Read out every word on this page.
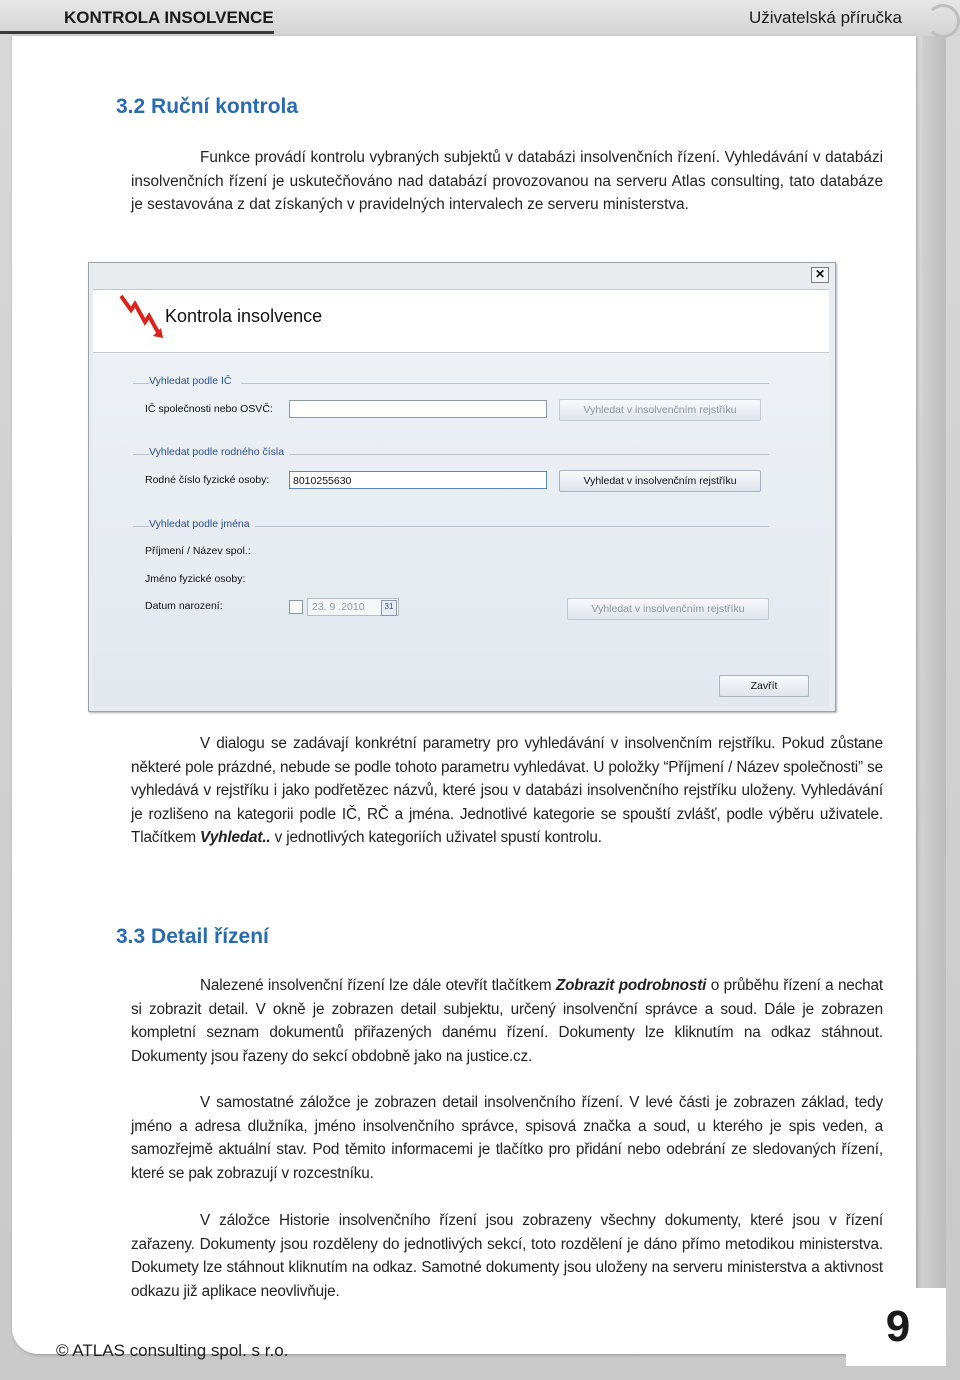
KONTROLA INSOLVENCE	Uživatelská příručka
3.2 Ruční kontrola
Funkce provádí kontrolu vybraných subjektů v databázi insolvenčních řízení. Vyhledávání v databázi insolvenčních řízení je uskutečňováno nad databází provozovanou na serveru Atlas consulting, tato databáze je sestavována z dat získaných v pravidelných intervalech ze serveru ministerstva.
✕
Kontrola insolvence
Vyhledat podle IČ
IČ společnosti nebo OSVČ:	Vyhledat v insolvenčním rejstříku
Vyhledat podle rodného čísla
Rodné číslo fyzické osoby:	8010255630	Vyhledat v insolvenčním rejstříku
Vyhledat podle jména
Příjmení / Název spol.:
Jméno fyzické osoby:
Datum narození:	23. 9 .2010	31	Vyhledat v insolvenčním rejstříku
Zavřít
V dialogu se zadávají konkrétní parametry pro vyhledávání v insolvenčním rejstříku. Pokud zůstane některé pole prázdné, nebude se podle tohoto parametru vyhledávat. U položky “Příjmení / Název společnosti” se vyhledává v rejstříku i jako podřetězec názvů, které jsou v databázi insolvenčního rejstříku uloženy. Vyhledávání je rozlišeno na kategorii podle IČ, RČ a jména. Jednotlivé kategorie se spouští zvlášť, podle výběru uživatele. Tlačítkem Vyhledat.. v jednotlivých kategoriích uživatel spustí kontrolu.
3.3 Detail řízení
Nalezené insolvenční řízení lze dále otevřít tlačítkem Zobrazit podrobnosti o průběhu řízení a nechat si zobrazit detail. V okně je zobrazen detail subjektu, určený insolvenční správce a soud. Dále je zobrazen kompletní seznam dokumentů přiřazených danému řízení. Dokumenty lze kliknutím na odkaz stáhnout. Dokumenty jsou řazeny do sekcí obdobně jako na justice.cz.
V samostatné záložce je zobrazen detail insolvenčního řízení. V levé části je zobrazen základ, tedy jméno a adresa dlužníka, jméno insolvenčního správce, spisová značka a soud, u kterého je spis veden, a samozřejmě aktuální stav. Pod těmito informacemi je tlačítko pro přidání nebo odebrání ze sledovaných řízení, které se pak zobrazují v rozcestníku.
V záložce Historie insolvenčního řízení jsou zobrazeny všechny dokumenty, které jsou v řízení zařazeny. Dokumenty jsou rozděleny do jednotlivých sekcí, toto rozdělení je dáno přímo metodikou ministerstva. Dokumety lze stáhnout kliknutím na odkaz. Samotné dokumenty jsou uloženy na serveru ministerstva a aktivnost odkazu již aplikace neovlivňuje.
© ATLAS consulting spol. s r.o.	9
